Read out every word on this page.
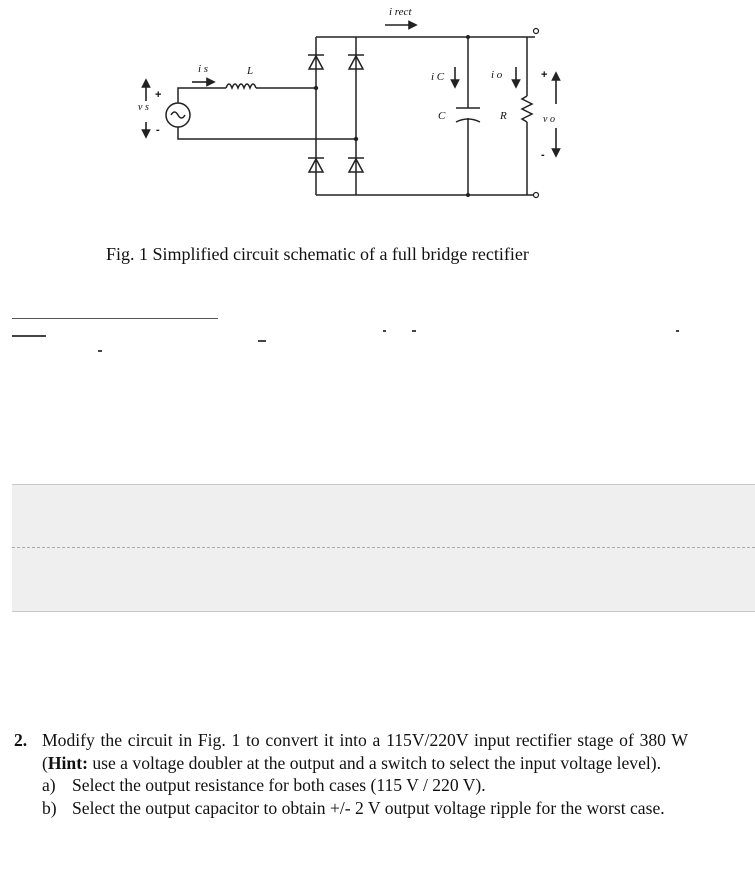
i rect
i s	L
v s
+
-
i C	i o
C	R	v o
+
-
Fig. 1 Simplified circuit schematic of a full bridge rectifier
2. Modify the circuit in Fig. 1 to convert it into a 115V/220V input rectifier stage of 380 W (Hint: use a voltage doubler at the output and a switch to select the input voltage level).
a) Select the output resistance for both cases (115 V / 220 V).
b) Select the output capacitor to obtain +/- 2 V output voltage ripple for the worst case.
